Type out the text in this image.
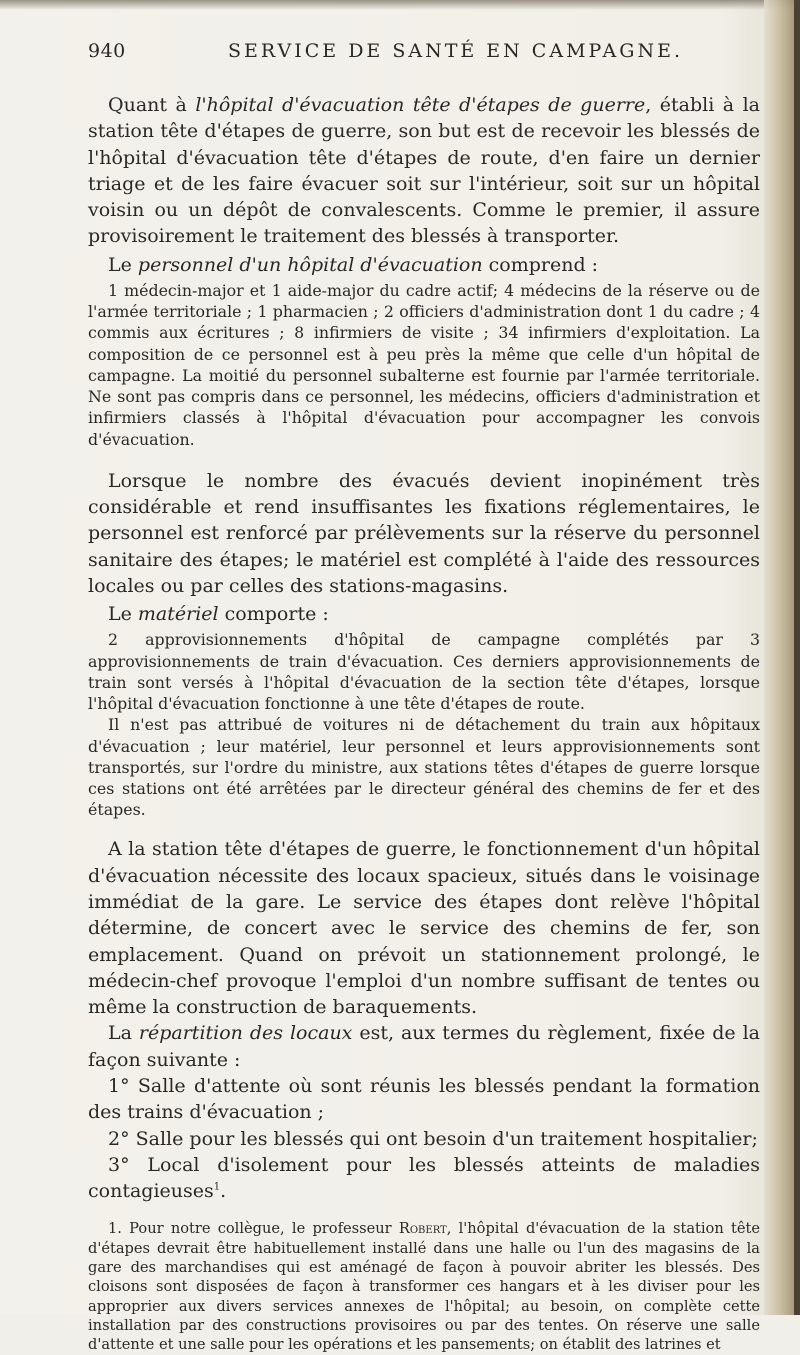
940	SERVICE DE SANTÉ EN CAMPAGNE.

Quant à l'hôpital d'évacuation tête d'étapes de guerre, établi à la station tête d'étapes de guerre, son but est de recevoir les blessés de l'hôpital d'évacuation tête d'étapes de route, d'en faire un dernier triage et de les faire évacuer soit sur l'intérieur, soit sur un hôpital voisin ou un dépôt de convalescents. Comme le premier, il assure provisoirement le traitement des blessés à transporter.

Le personnel d'un hôpital d'évacuation comprend :

1 médecin-major et 1 aide-major du cadre actif; 4 médecins de la réserve ou de l'armée territoriale ; 1 pharmacien ; 2 officiers d'administration dont 1 du cadre ; 4 commis aux écritures ; 8 infirmiers de visite ; 34 infirmiers d'exploitation. La composition de ce personnel est à peu près la même que celle d'un hôpital de campagne. La moitié du personnel subalterne est fournie par l'armée territoriale. Ne sont pas compris dans ce personnel, les médecins, officiers d'administration et infirmiers classés à l'hôpital d'évacuation pour accompagner les convois d'évacuation.

Lorsque le nombre des évacués devient inopinément très considérable et rend insuffisantes les fixations réglementaires, le personnel est renforcé par prélèvements sur la réserve du personnel sanitaire des étapes; le matériel est complété à l'aide des ressources locales ou par celles des stations-magasins.

Le matériel comporte :

2 approvisionnements d'hôpital de campagne complétés par 3 approvisionnements de train d'évacuation. Ces derniers approvisionnements de train sont versés à l'hôpital d'évacuation de la section tête d'étapes, lorsque l'hôpital d'évacuation fonctionne à une tête d'étapes de route.

Il n'est pas attribué de voitures ni de détachement du train aux hôpitaux d'évacuation ; leur matériel, leur personnel et leurs approvisionnements sont transportés, sur l'ordre du ministre, aux stations têtes d'étapes de guerre lorsque ces stations ont été arrêtées par le directeur général des chemins de fer et des étapes.

A la station tête d'étapes de guerre, le fonctionnement d'un hôpital d'évacuation nécessite des locaux spacieux, situés dans le voisinage immédiat de la gare. Le service des étapes dont relève l'hôpital détermine, de concert avec le service des chemins de fer, son emplacement. Quand on prévoit un stationnement prolongé, le médecin-chef provoque l'emploi d'un nombre suffisant de tentes ou même la construction de baraquements.

La répartition des locaux est, aux termes du règlement, fixée de la façon suivante :

1° Salle d'attente où sont réunis les blessés pendant la formation des trains d'évacuation ;

2° Salle pour les blessés qui ont besoin d'un traitement hospitalier;

3° Local d'isolement pour les blessés atteints de maladies contagieuses$^1$.

1. Pour notre collègue, le professeur Robert, l'hôpital d'évacuation de la station tête d'étapes devrait être habituellement installé dans une halle ou l'un des magasins de la gare des marchandises qui est aménagé de façon à pouvoir abriter les blessés. Des cloisons sont disposées de façon à transformer ces hangars et à les diviser pour les approprier aux divers services annexes de l'hôpital; au besoin, on complète cette installation par des constructions provisoires ou par des tentes. On réserve une salle d'attente et une salle pour les opérations et les pansements; on établit des latrines et
